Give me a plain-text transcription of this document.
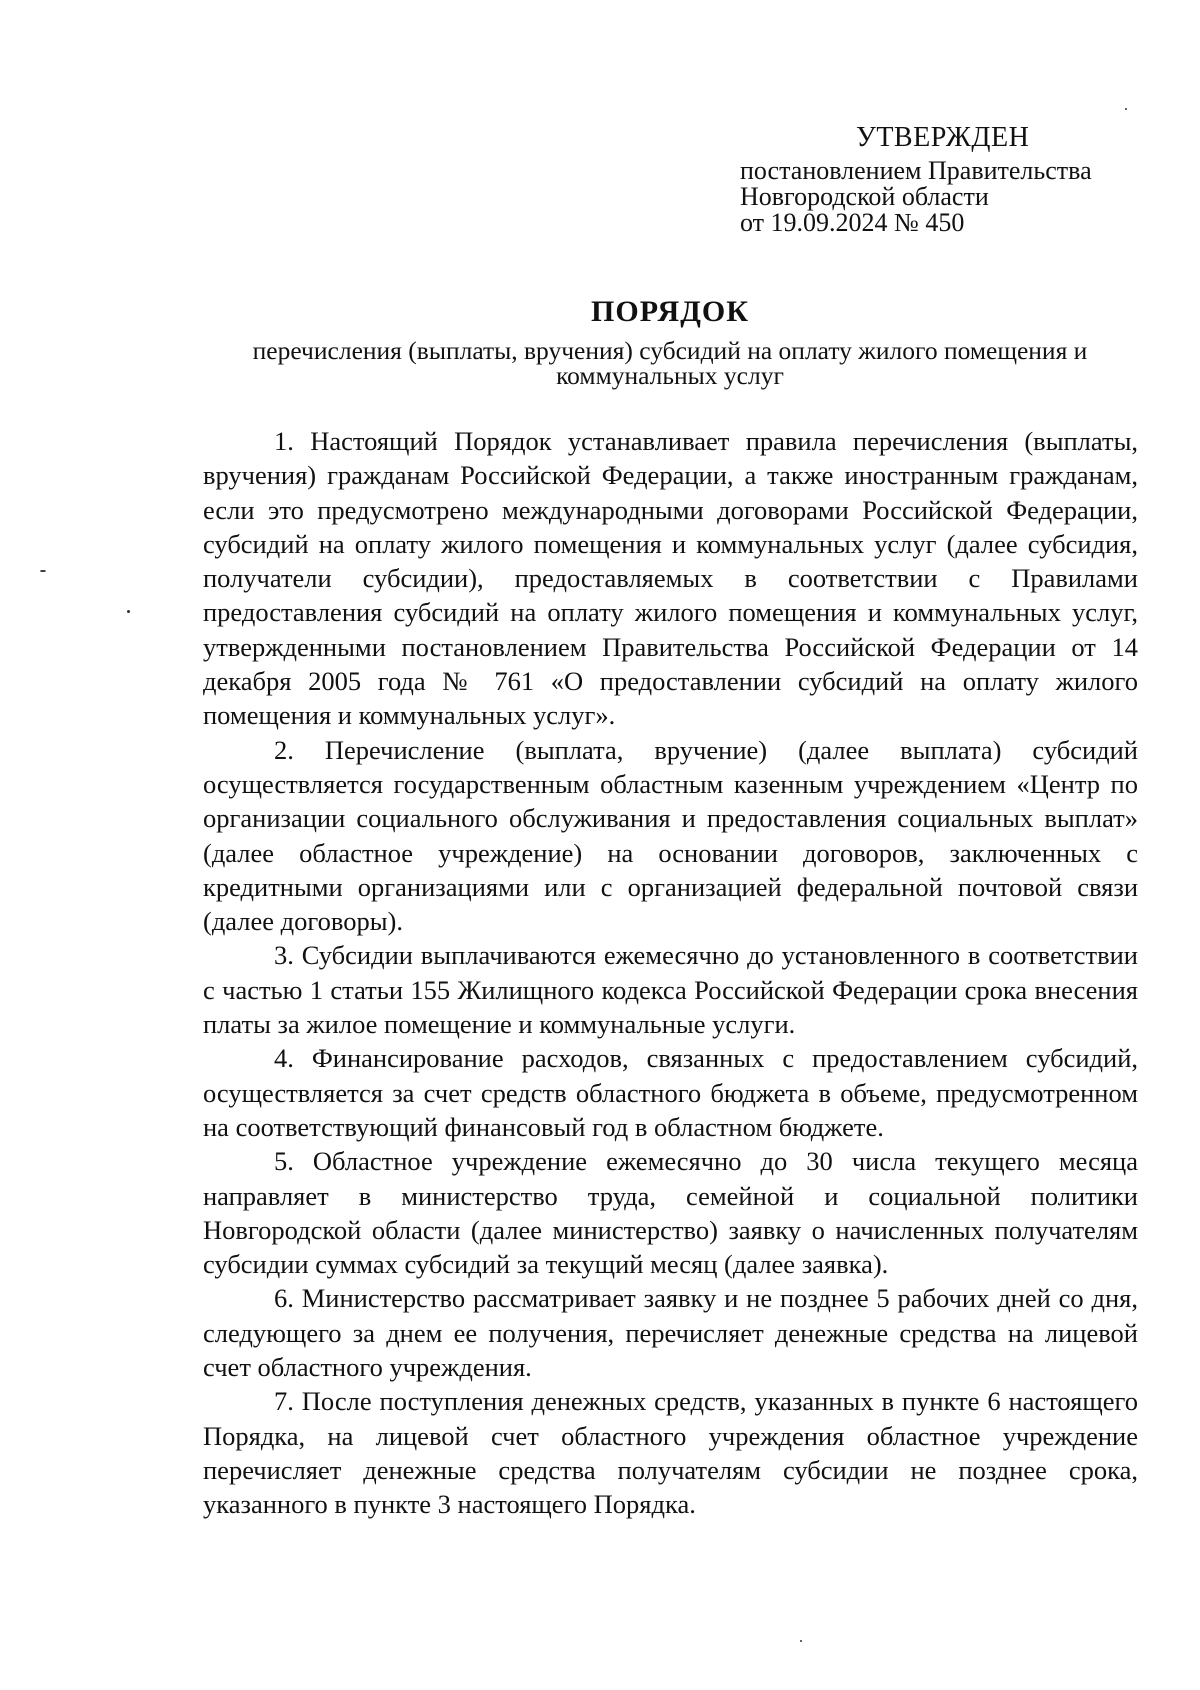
УТВЕРЖДЕН
постановлением Правительства
Новгородской области
от 19.09.2024 № 450
ПОРЯДОК
перечисления (выплаты, вручения) субсидий на оплату жилого помещения и коммунальных услуг

1. Настоящий Порядок устанавливает правила перечисления (выплаты, вручения) гражданам Российской Федерации, а также иностранным гражданам, если это предусмотрено международными договорами Российской Федерации, субсидий на оплату жилого помещения и коммунальных услуг (далее субсидия, получатели субсидии), предоставляемых в соответствии с Правилами предоставления субсидий на оплату жилого помещения и коммунальных услуг, утвержденными постановлением Правительства Российской Федерации от 14 декабря 2005 года № 761 «О предоставлении субсидий на оплату жилого помещения и коммунальных услуг».

2. Перечисление (выплата, вручение) (далее выплата) субсидий осуществляется государственным областным казенным учреждением «Центр по организации социального обслуживания и предоставления социальных выплат» (далее областное учреждение) на основании договоров, заключенных с кредитными организациями или с организацией федеральной почтовой связи (далее договоры).

3. Субсидии выплачиваются ежемесячно до установленного в соответствии с частью 1 статьи 155 Жилищного кодекса Российской Федерации срока внесения платы за жилое помещение и коммунальные услуги.

4. Финансирование расходов, связанных с предоставлением субсидий, осуществляется за счет средств областного бюджета в объеме, предусмотренном на соответствующий финансовый год в областном бюджете.

5. Областное учреждение ежемесячно до 30 числа текущего месяца направляет в министерство труда, семейной и социальной политики Новгородской области (далее министерство) заявку о начисленных получателям субсидии суммах субсидий за текущий месяц (далее заявка).

6. Министерство рассматривает заявку и не позднее 5 рабочих дней со дня, следующего за днем ее получения, перечисляет денежные средства на лицевой счет областного учреждения.

7. После поступления денежных средств, указанных в пункте 6 настоящего Порядка, на лицевой счет областного учреждения областное учреждение перечисляет денежные средства получателям субсидии не позднее срока, указанного в пункте 3 настоящего Порядка.
